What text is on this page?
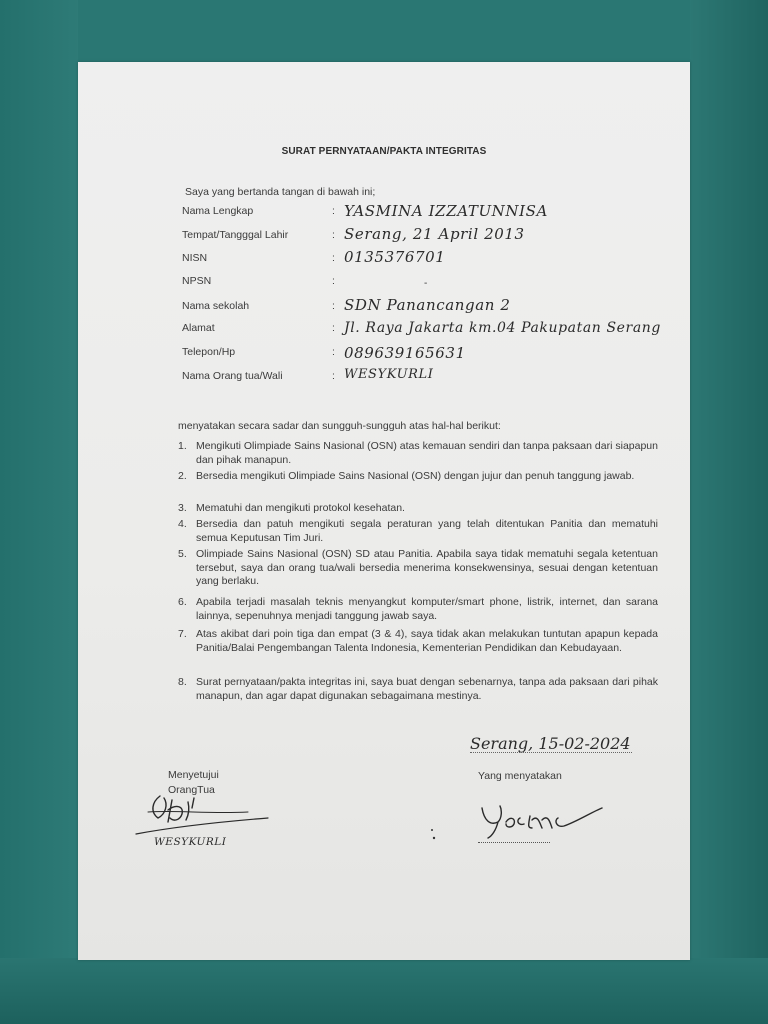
SURAT PERNYATAAN/PAKTA INTEGRITAS
Saya yang bertanda tangan di bawah ini;
Nama Lengkap	: YASMINA IZZATUNNISA
Tempat/Tangggal Lahir	: Serang, 21 April 2013
NISN	: 0135376701
NPSN	:	-
Nama sekolah	: SDN Panancangan 2
Alamat	: Jl. Raya Jakarta km.04 Pakupatan Serang
Telepon/Hp	: 089639165631
Nama Orang tua/Wali	: WESYKURLI
menyatakan secara sadar dan sungguh-sungguh atas hal-hal berikut:
1. Mengikuti Olimpiade Sains Nasional (OSN) atas kemauan sendiri dan tanpa paksaan dari siapapun dan pihak manapun.
2. Bersedia mengikuti Olimpiade Sains Nasional (OSN) dengan jujur dan penuh tanggung jawab.
3. Mematuhi dan mengikuti protokol kesehatan.
4. Bersedia dan patuh mengikuti segala peraturan yang telah ditentukan Panitia dan mematuhi semua Keputusan Tim Juri.
5. Olimpiade Sains Nasional (OSN) SD atau Panitia. Apabila saya tidak mematuhi segala ketentuan tersebut, saya dan orang tua/wali bersedia menerima konsekwensinya, sesuai dengan ketentuan yang berlaku.
6. Apabila terjadi masalah teknis menyangkut komputer/smart phone, listrik, internet, dan sarana lainnya, sepenuhnya menjadi tanggung jawab saya.
7. Atas akibat dari poin tiga dan empat (3 & 4), saya tidak akan melakukan tuntutan apapun kepada Panitia/Balai Pengembangan Talenta Indonesia, Kementerian Pendidikan dan Kebudayaan.
8. Surat pernyataan/pakta integritas ini, saya buat dengan sebenarnya, tanpa ada paksaan dari pihak manapun, dan agar dapat digunakan sebagaimana mestinya.
Serang, 15-02-2024
Menyetujui
OrangTua
Yang menyatakan
WESYKURLI
